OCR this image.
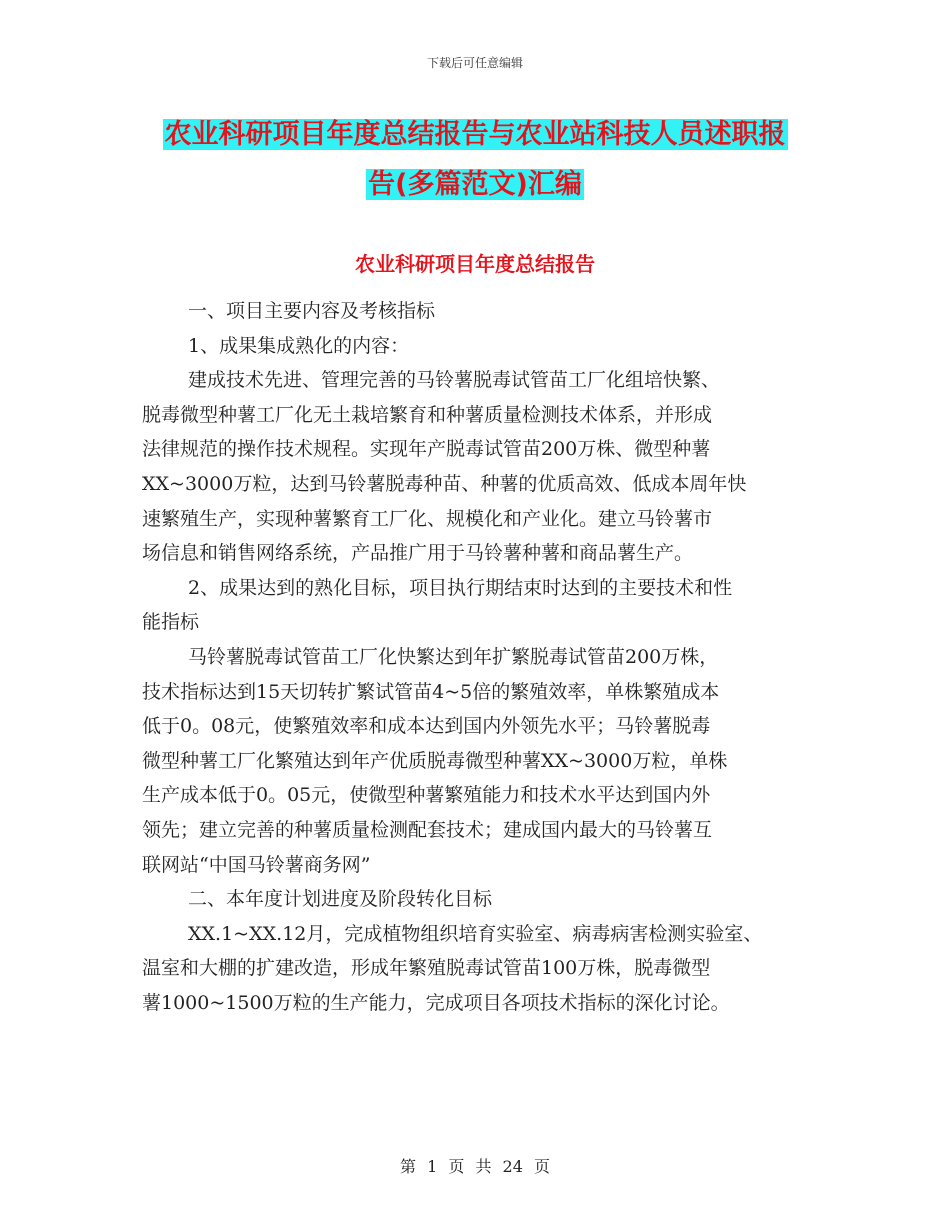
下载后可任意编辑
农业科研项目年度总结报告与农业站科技人员述职报
告(多篇范文)汇编
农业科研项目年度总结报告

一、项目主要内容及考核指标

1、成果集成熟化的内容：

建成技术先进、管理完善的马铃薯脱毒试管苗工厂化组培快繁、

脱毒微型种薯工厂化无土栽培繁育和种薯质量检测技术体系，并形成

法律规范的操作技术规程。实现年产脱毒试管苗200万株、微型种薯

XX~3000万粒，达到马铃薯脱毒种苗、种薯的优质高效、低成本周年快

速繁殖生产，实现种薯繁育工厂化、规模化和产业化。建立马铃薯市

场信息和销售网络系统，产品推广用于马铃薯种薯和商品薯生产。

2、成果达到的熟化目标，项目执行期结束时达到的主要技术和性

能指标

马铃薯脱毒试管苗工厂化快繁达到年扩繁脱毒试管苗200万株，

技术指标达到15天切转扩繁试管苗4~5倍的繁殖效率，单株繁殖成本

低于0。08元，使繁殖效率和成本达到国内外领先水平；马铃薯脱毒

微型种薯工厂化繁殖达到年产优质脱毒微型种薯XX~3000万粒，单株

生产成本低于0。05元，使微型种薯繁殖能力和技术水平达到国内外

领先；建立完善的种薯质量检测配套技术；建成国内最大的马铃薯互

联网站“中国马铃薯商务网”

二、本年度计划进度及阶段转化目标

XX.1~XX.12月，完成植物组织培育实验室、病毒病害检测实验室、

温室和大棚的扩建改造，形成年繁殖脱毒试管苗100万株，脱毒微型

薯1000~1500万粒的生产能力，完成项目各项技术指标的深化讨论。

第 1 页 共 24 页
